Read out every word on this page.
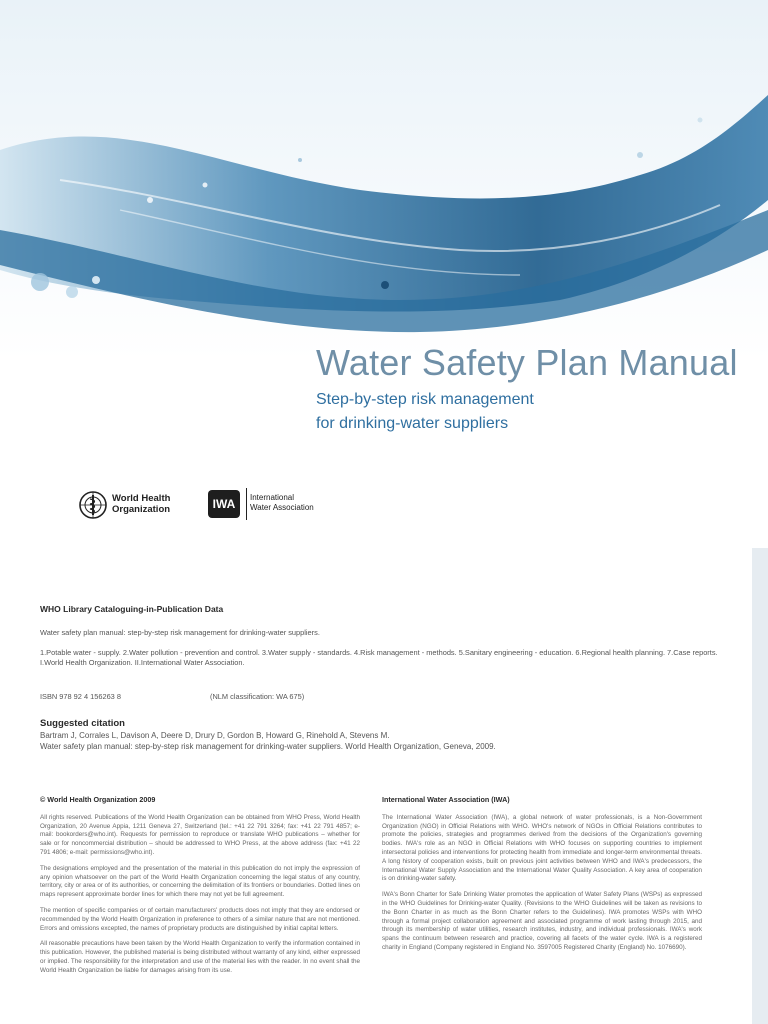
Water Safety Plan Manual
Step-by-step risk management
for drinking-water suppliers
World Health
Organization	IWA	International
Water Association
WHO Library Cataloguing-in-Publication Data

Water safety plan manual: step-by-step risk management for drinking-water suppliers.

1.Potable water - supply. 2.Water pollution - prevention and control. 3.Water supply - standards. 4.Risk management - methods. 5.Sanitary engineering - education. 6.Regional health planning. 7.Case reports. I.World Health Organization. II.International Water Association.

ISBN 978 92 4 156263 8	(NLM classification: WA 675)

Suggested citation

Bartram J, Corrales L, Davison A, Deere D, Drury D, Gordon B, Howard G, Rinehold A, Stevens M.

Water safety plan manual: step-by-step risk management for drinking-water suppliers. World Health Organization, Geneva, 2009.

© World Health Organization 2009

All rights reserved. Publications of the World Health Organization can be obtained from WHO Press, World Health Organization, 20 Avenue Appia, 1211 Geneva 27, Switzerland (tel.: +41 22 791 3264; fax: +41 22 791 4857; e-mail: bookorders@who.int). Requests for permission to reproduce or translate WHO publications – whether for sale or for noncommercial distribution – should be addressed to WHO Press, at the above address (fax: +41 22 791 4806; e-mail: permissions@who.int).

The designations employed and the presentation of the material in this publication do not imply the expression of any opinion whatsoever on the part of the World Health Organization concerning the legal status of any country, territory, city or area or of its authorities, or concerning the delimitation of its frontiers or boundaries. Dotted lines on maps represent approximate border lines for which there may not yet be full agreement.

The mention of specific companies or of certain manufacturers' products does not imply that they are endorsed or recommended by the World Health Organization in preference to others of a similar nature that are not mentioned. Errors and omissions excepted, the names of proprietary products are distinguished by initial capital letters.

All reasonable precautions have been taken by the World Health Organization to verify the information contained in this publication. However, the published material is being distributed without warranty of any kind, either expressed or implied. The responsibility for the interpretation and use of the material lies with the reader. In no event shall the World Health Organization be liable for damages arising from its use.

International Water Association (IWA)

The International Water Association (IWA), a global network of water professionals, is a Non-Government Organization (NGO) in Official Relations with WHO. WHO's network of NGOs in Official Relations contributes to promote the policies, strategies and programmes derived from the decisions of the Organization's governing bodies. IWA's role as an NGO in Official Relations with WHO focuses on supporting countries to implement intersectoral policies and interventions for protecting health from immediate and longer-term environmental threats. A long history of cooperation exists, built on previous joint activities between WHO and IWA's predecessors, the International Water Supply Association and the International Water Quality Association. A key area of cooperation is on drinking-water safety.

IWA's Bonn Charter for Safe Drinking Water promotes the application of Water Safety Plans (WSPs) as expressed in the WHO Guidelines for Drinking-water Quality. (Revisions to the WHO Guidelines will be taken as revisions to the Bonn Charter in as much as the Bonn Charter refers to the Guidelines). IWA promotes WSPs with WHO through a formal project collaboration agreement and associated programme of work lasting through 2015, and through its membership of water utilities, research institutes, industry, and individual professionals. IWA's work spans the continuum between research and practice, covering all facets of the water cycle. IWA is a registered charity in England (Company registered in England No. 3597005 Registered Charity (England) No. 1076690).
